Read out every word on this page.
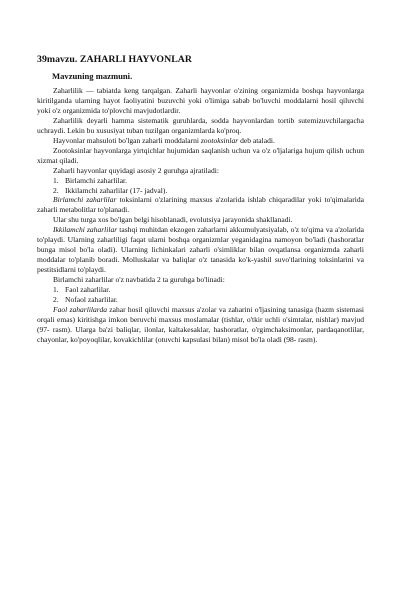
39mavzu. ZAHARLI HAYVONLAR
Mavzuning mazmuni.

Zaharlilik — tabiatda keng tarqalgan. Zaharli hayvonlar o'zining organizmida boshqa hayvonlarga kiritilganda ularning hayot faoliyatini buzuvchi yoki o'limiga sabab bo'luvchi moddalarni hosil qiluvchi yoki o'z organizmida to'plovchi mavjudotlardir.

Zaharlilik deyarli hamma sistematik guruhlarda, sodda hayvonlardan tortib sutemizuvchilargacha uchraydi. Lekin bu xususiyat tuban tuzilgan organizmlarda ko'proq.

Hayvonlar mahsuloti bo'lgan zaharli moddalarni zootoksinlar deb ataladi.

Zootoksinlar hayvonlarga yirtqichlar hujumidan saqlanish uchun va o'z o'ljalariga hujum qilish uchun xizmat qiladi.

Zaharli hayvonlar quyidagi asosiy 2 guruhga ajratiladi:

1. Birlamchi zaharlilar.

2. Ikkilamchi zaharlilar (17- jadval).

Birlamchi zaharlilar toksinlarni o'zlarining maxsus a'zolarida ishlab chiqaradilar yoki to'qimalarida zaharli metabolitlar to'planadi.

Ular shu turga xos bo'lgan belgi hisoblanadi, evolutsiya jarayonida shakllanadi.

Ikkilamchi zaharlilar tashqi muhitdan ekzogen zaharlarni akkumulyatsiyalab, o'z to'qima va a'zolarida to'playdi. Ularning zaharliligi faqat ularni boshqa organizmlar yeganidagina namoyon bo'ladi (hashoratlar bunga misol bo'la oladi). Ularning lichinkalari zaharli o'simliklar bilan ovqatlansa organizmda zaharli moddalar to'planib boradi. Molluskalar va baliqlar o'z tanasida ko'k-yashil suvo'tlarining toksinlarini va pestitsidlarni to'playdi.

Birlamchi zaharlilar o'z navbatida 2 ta guruhga bo'linadi:

1. Faol zaharlilar.

2. Nofaol zaharlilar.

Faol zaharlilarda zahar hosil qiluvchi maxsus a'zolar va zaharini o'ljasining tanasiga (hazm sistemasi orqali emas) kiritishga imkon beruvchi maxsus moslamalar (tishlar, o'tkir uchli o'simtalar, nishlar) mavjud (97- rasm). Ularga ba'zi baliqlar, ilonlar, kaltakesaklar, hashoratlar, o'rgimchaksimonlar, pardaqanotlilar, chayonlar, ko'poyoqlilar, kovakichlilar (otuvchi kapsulasi bilan) misol bo'la oladi (98- rasm).
